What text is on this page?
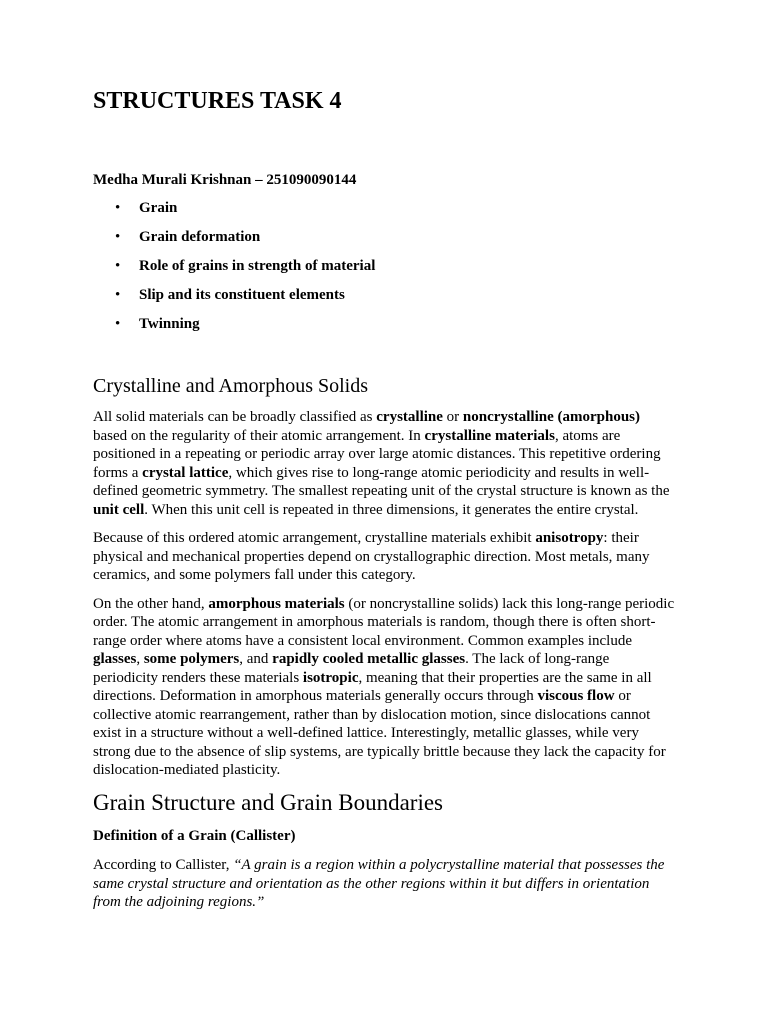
STRUCTURES TASK 4

Medha Murali Krishnan – 251090090144

• Grain
• Grain deformation
• Role of grains in strength of material
• Slip and its constituent elements
• Twinning
Crystalline and Amorphous Solids

All solid materials can be broadly classified as crystalline or noncrystalline (amorphous) based on the regularity of their atomic arrangement. In crystalline materials, atoms are positioned in a repeating or periodic array over large atomic distances. This repetitive ordering forms a crystal lattice, which gives rise to long-range atomic periodicity and results in well-defined geometric symmetry. The smallest repeating unit of the crystal structure is known as the unit cell. When this unit cell is repeated in three dimensions, it generates the entire crystal.

Because of this ordered atomic arrangement, crystalline materials exhibit anisotropy: their physical and mechanical properties depend on crystallographic direction. Most metals, many ceramics, and some polymers fall under this category.

On the other hand, amorphous materials (or noncrystalline solids) lack this long-range periodic order. The atomic arrangement in amorphous materials is random, though there is often short-range order where atoms have a consistent local environment. Common examples include glasses, some polymers, and rapidly cooled metallic glasses. The lack of long-range periodicity renders these materials isotropic, meaning that their properties are the same in all directions. Deformation in amorphous materials generally occurs through viscous flow or collective atomic rearrangement, rather than by dislocation motion, since dislocations cannot exist in a structure without a well-defined lattice. Interestingly, metallic glasses, while very strong due to the absence of slip systems, are typically brittle because they lack the capacity for dislocation-mediated plasticity.

Grain Structure and Grain Boundaries
Definition of a Grain (Callister)

According to Callister, “A grain is a region within a polycrystalline material that possesses the same crystal structure and orientation as the other regions within it but differs in orientation from the adjoining regions.”
